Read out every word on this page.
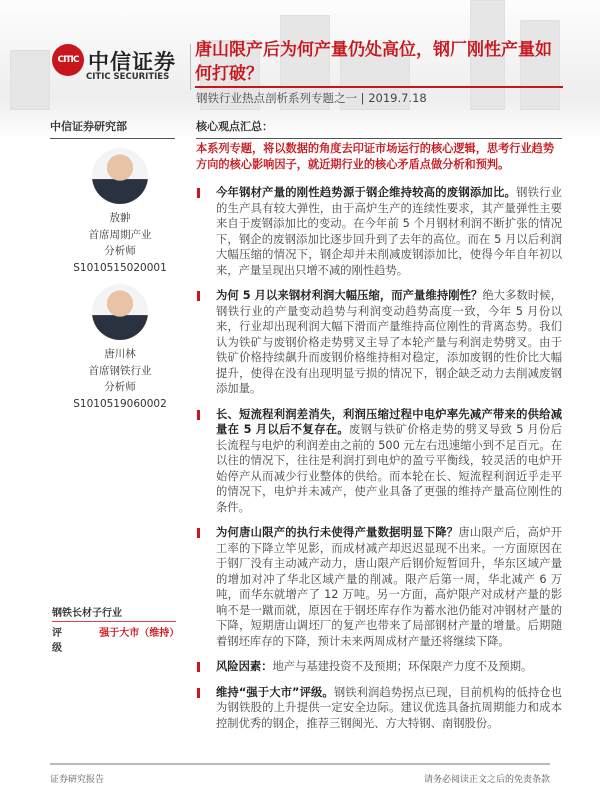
CITIC 中信证券
CITIC SECURITIES
唐山限产后为何产量仍处高位，钢厂刚性产量如何打破？
钢铁行业热点剖析系列专题之一 | 2019.7.18
中信证券研究部	核心观点汇总：
敖翀
首席周期产业
分析师
S1010515020001
唐川林
首席钢铁行业
分析师
S1010519060002
本系列专题，将以数据的角度去印证市场运行的核心逻辑，思考行业趋势方向的核心影响因子，就近期行业的核心矛盾点做分析和预判。
今年钢材产量的刚性趋势源于钢企维持较高的废钢添加比。钢铁行业的生产具有较大弹性，由于高炉生产的连续性要求，其产量弹性主要来自于废钢添加比的变动。在今年前 5 个月钢材利润不断扩张的情况下，钢企的废钢添加比逐步回升到了去年的高位。而在 5 月以后利润大幅压缩的情况下，钢企却并未削减废钢添加比，使得今年自年初以来，产量呈现出只增不减的刚性趋势。
为何 5 月以来钢材利润大幅压缩，而产量维持刚性？绝大多数时候，钢铁行业的产量变动趋势与利润变动趋势高度一致，今年 5 月份以来，行业却出现利润大幅下滑而产量维持高位刚性的背离态势。我们认为铁矿与废钢价格走势劈叉主导了本轮产量与利润走势劈叉。由于铁矿价格持续飙升而废钢价格维持相对稳定，添加废钢的性价比大幅提升，使得在没有出现明显亏损的情况下，钢企缺乏动力去削减废钢添加量。
长、短流程利润差消失，利润压缩过程中电炉率先减产带来的供给减量在 5 月以后不复存在。废钢与铁矿价格走势的劈叉导致 5 月份后长流程与电炉的利润差由之前的 500 元左右迅速缩小到不足百元。在以往的情况下，往往是利润打到电炉的盈亏平衡线，较灵活的电炉开始停产从而减少行业整体的供给。而本轮在长、短流程利润近乎走平的情况下，电炉并未减产，使产业具备了更强的维持产量高位刚性的条件。
为何唐山限产的执行未使得产量数据明显下降？唐山限产后，高炉开工率的下降立竿见影，而成材减产却迟迟显现不出来。一方面原因在于钢厂没有主动减产动力，唐山限产后钢价短暂回升，华东区域产量的增加对冲了华北区域产量的削减。限产后第一周，华北减产 6 万吨，而华东就增产了 12 万吨。另一方面，高炉限产对成材产量的影响不是一蹴而就，原因在于钢坯库存作为蓄水池仍能对冲钢材产量的下降，短期唐山调坯厂的复产也带来了局部钢材产量的增量。后期随着钢坯库存的下降，预计未来两周成材产量还将继续下降。
风险因素：地产与基建投资不及预期；环保限产力度不及预期。
维持“强于大市”评级。钢铁利润趋势拐点已现，目前机构的低持仓也为钢铁股的上升提供一定安全边际。建议优选具备抗周期能力和成本控制优秀的钢企，推荐三钢闽光、方大特钢、南钢股份。
钢铁长材子行业
评级
强于大市（维持）
证券研究报告	请务必阅读正文之后的免责条款
